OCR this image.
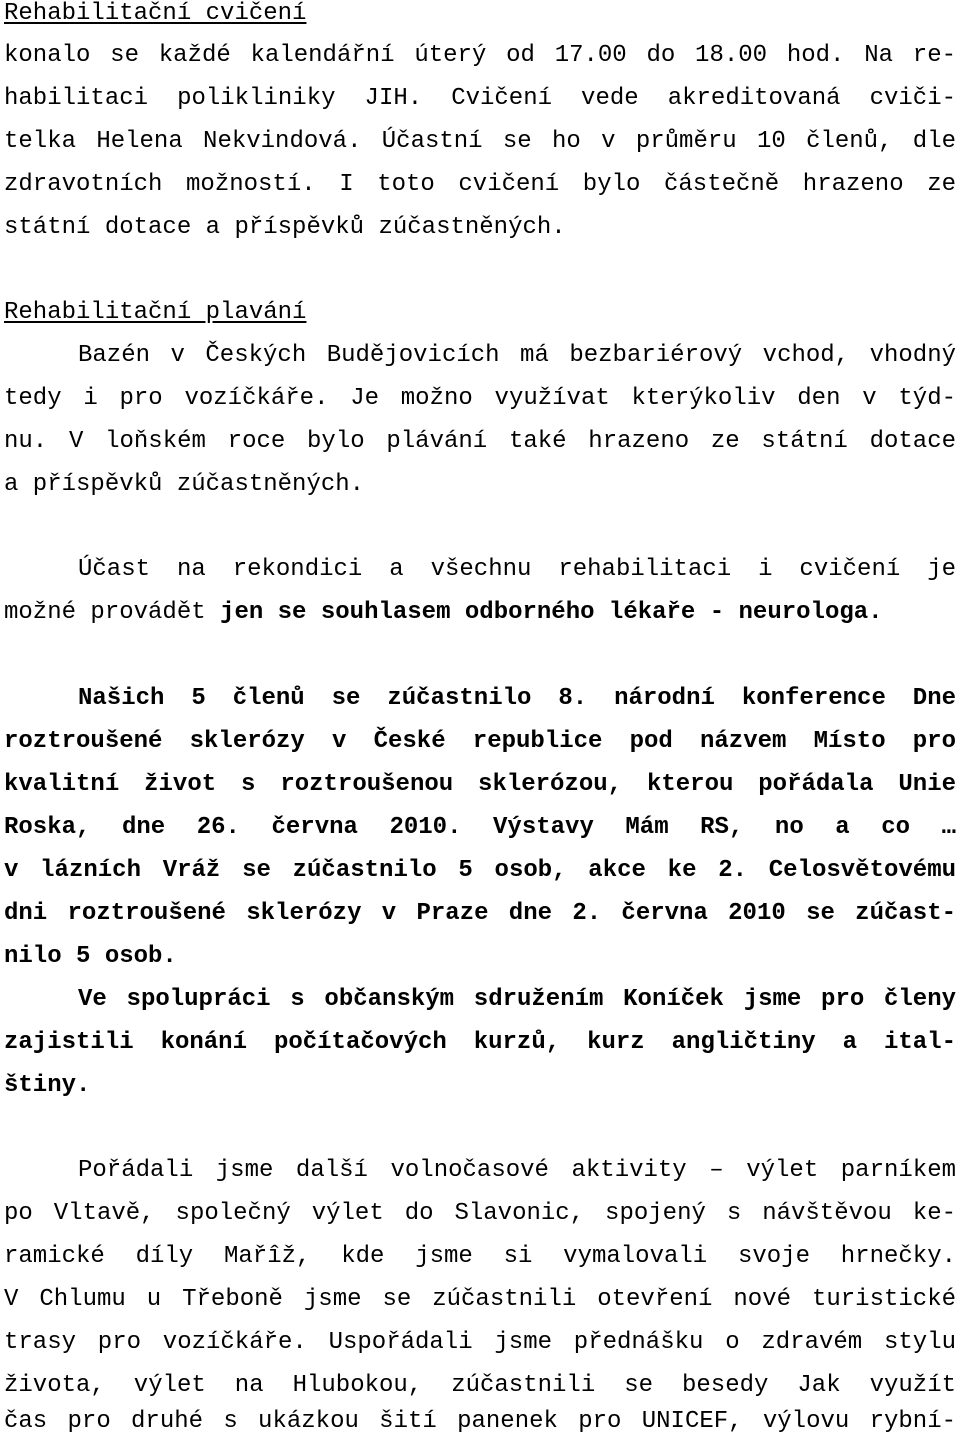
Rehabilitační cvičení
konalo se každé kalendářní úterý od 17.00 do 18.00 hod. Na re-
habilitaci polikliniky JIH. Cvičení vede akreditovaná cviči-
telka Helena Nekvindová. Účastní se ho v průměru 10 členů, dle
zdravotních možností. I toto cvičení bylo částečně hrazeno ze
státní dotace a příspěvků zúčastněných.
Rehabilitační plavání
Bazén v Českých Budějovicích má bezbariérový vchod, vhodný
tedy i pro vozíčkáře. Je možno využívat kterýkoliv den v týd-
nu. V loňském roce bylo plávání také hrazeno ze státní dotace
a příspěvků zúčastněných.
Účast na rekondici a všechnu rehabilitaci i cvičení je
možné provádět jen se souhlasem odborného lékaře - neurologa.
Našich 5 členů se zúčastnilo 8. národní konference Dne
roztroušené sklerózy v České republice pod názvem Místo pro
kvalitní život s roztroušenou sklerózou, kterou pořádala Unie
Roska, dne 26. června 2010. Výstavy Mám RS, no a co …
v lázních Vráž se zúčastnilo 5 osob, akce ke 2. Celosvětovému
dni roztroušené sklerózy v Praze dne 2. června 2010 se zúčast-
nilo 5 osob.
Ve spolupráci s občanským sdružením Koníček jsme pro členy
zajistili konání počítačových kurzů, kurz angličtiny a ital-
štiny.
Pořádali jsme další volnočasové aktivity – výlet parníkem
po Vltavě, společný výlet do Slavonic, spojený s návštěvou ke-
ramické díly Mařîž, kde jsme si vymalovali svoje hrnečky.
V Chlumu u Třeboně jsme se zúčastnili otevření nové turistické
trasy pro vozíčkáře. Uspořádali jsme přednášku o zdravém stylu
života, výlet na Hlubokou, zúčastnili se besedy Jak využít
čas pro druhé s ukázkou šití panenek pro UNICEF, výlovu rybní-
